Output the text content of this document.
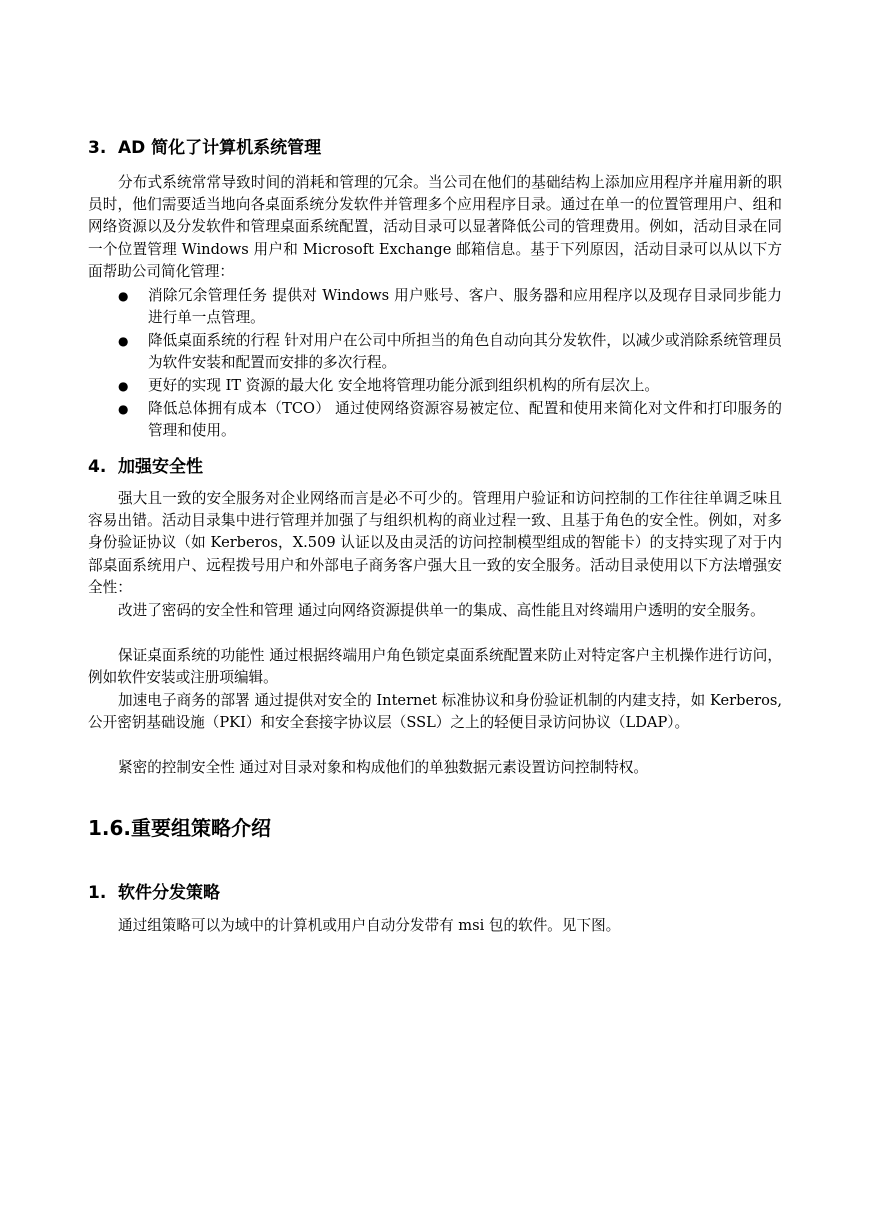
3. AD 简化了计算机系统管理
分布式系统常常导致时间的消耗和管理的冗余。当公司在他们的基础结构上添加应用程序并雇用新的职员时，他们需要适当地向各桌面系统分发软件并管理多个应用程序目录。通过在单一的位置管理用户、组和网络资源以及分发软件和管理桌面系统配置，活动目录可以显著降低公司的管理费用。例如，活动目录在同一个位置管理 Windows 用户和 Microsoft Exchange 邮箱信息。基于下列原因，活动目录可以从以下方面帮助公司简化管理：
●	消除冗余管理任务 提供对 Windows 用户账号、客户、服务器和应用程序以及现存目录同步能力进行单一点管理。
●	降低桌面系统的行程 针对用户在公司中所担当的角色自动向其分发软件，以减少或消除系统管理员为软件安装和配置而安排的多次行程。
●	更好的实现 IT 资源的最大化 安全地将管理功能分派到组织机构的所有层次上。
●	降低总体拥有成本（TCO） 通过使网络资源容易被定位、配置和使用来简化对文件和打印服务的管理和使用。
4. 加强安全性
强大且一致的安全服务对企业网络而言是必不可少的。管理用户验证和访问控制的工作往往单调乏味且容易出错。活动目录集中进行管理并加强了与组织机构的商业过程一致、且基于角色的安全性。例如，对多身份验证协议（如 Kerberos，X.509 认证以及由灵活的访问控制模型组成的智能卡）的支持实现了对于内部桌面系统用户、远程拨号用户和外部电子商务客户强大且一致的安全服务。活动目录使用以下方法增强安全性：
改进了密码的安全性和管理 通过向网络资源提供单一的集成、高性能且对终端用户透明的安全服务。
保证桌面系统的功能性 通过根据终端用户角色锁定桌面系统配置来防止对特定客户主机操作进行访问，例如软件安装或注册项编辑。
加速电子商务的部署 通过提供对安全的 Internet 标准协议和身份验证机制的内建支持，如 Kerberos, 公开密钥基础设施（PKI）和安全套接字协议层（SSL）之上的轻便目录访问协议（LDAP）。
紧密的控制安全性 通过对目录对象和构成他们的单独数据元素设置访问控制特权。
1.6.重要组策略介绍
1. 软件分发策略
通过组策略可以为域中的计算机或用户自动分发带有 msi 包的软件。见下图。
